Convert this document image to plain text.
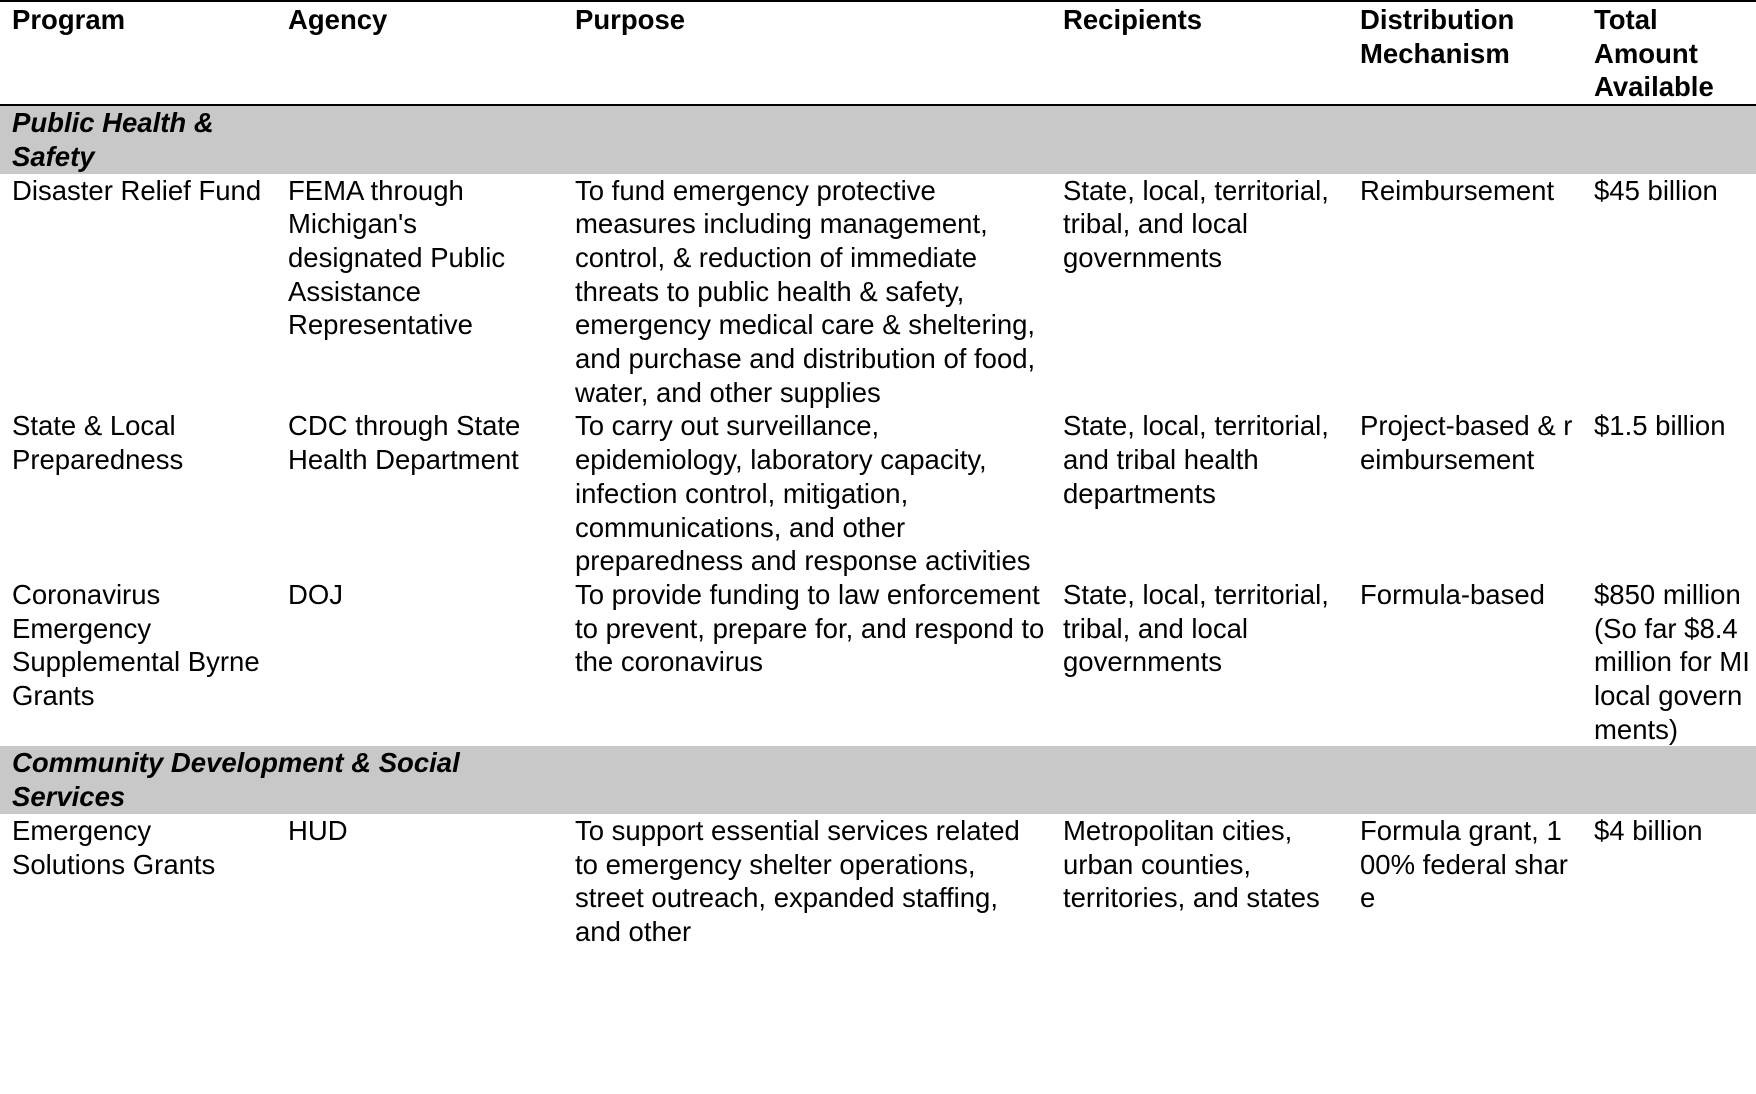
Program	Agency	Purpose	Recipients	Distribution Mechanism	Total Amount Available

Public Health & Safety					

Disaster Relief Fund	FEMA through Michigan's designated Public Assistance Representative	To fund emergency protective measures including management, control, & reduction of immediate threats to public health & safety, emergency medical care & sheltering, and purchase and distribution of food, water, and other supplies	State, local, territorial, tribal, and local governments	Reimbursement	$45 billion
State & Local Preparedness	CDC through State Health Department	To carry out surveillance, epidemiology, laboratory capacity, infection control, mitigation, communications, and other preparedness and response activities	State, local, territorial, and tribal health departments	Project-based & reimbursement	$1.5 billion
Coronavirus Emergency Supplemental Byrne Grants	DOJ	To provide funding to law enforcement to prevent, prepare for, and respond to the coronavirus	State, local, territorial, tribal, and local governments	Formula-based	$850 million (So far $8.4 million for MI local governments)

Community Development & Social Services					

Emergency Solutions Grants	HUD	To support essential services related to emergency shelter operations, street outreach, expanded staffing, and other	Metropolitan cities, urban counties, territories, and states	Formula grant, 100% federal share	$4 billion
